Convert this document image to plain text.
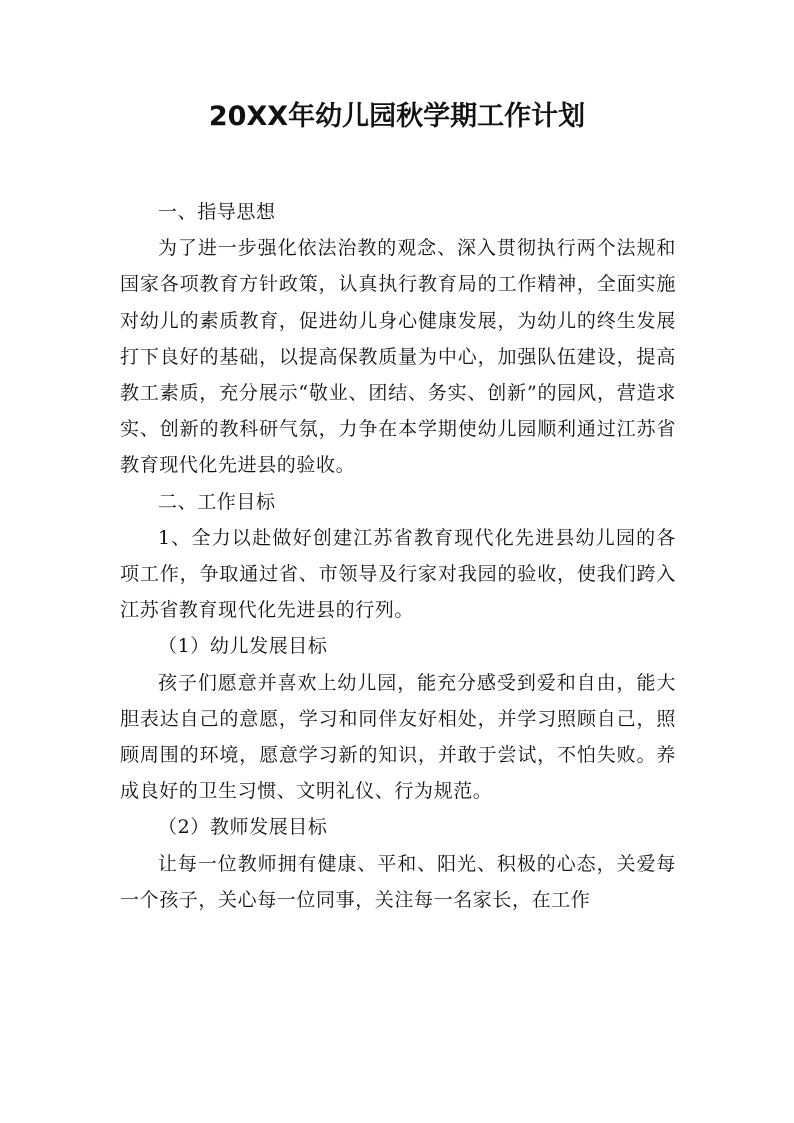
20XX年幼儿园秋学期工作计划

一、指导思想

为了进一步强化依法治教的观念、深入贯彻执行两个法规和国家各项教育方针政策，认真执行教育局的工作精神，全面实施对幼儿的素质教育，促进幼儿身心健康发展，为幼儿的终生发展打下良好的基础，以提高保教质量为中心，加强队伍建设，提高教工素质，充分展示“敬业、团结、务实、创新”的园风，营造求实、创新的教科研气氛，力争在本学期使幼儿园顺利通过江苏省教育现代化先进县的验收。

二、工作目标

1、全力以赴做好创建江苏省教育现代化先进县幼儿园的各项工作，争取通过省、市领导及行家对我园的验收，使我们跨入江苏省教育现代化先进县的行列。

（1）幼儿发展目标

孩子们愿意并喜欢上幼儿园，能充分感受到爱和自由，能大胆表达自己的意愿，学习和同伴友好相处，并学习照顾自己，照顾周围的环境，愿意学习新的知识，并敢于尝试，不怕失败。养成良好的卫生习惯、文明礼仪、行为规范。

（2）教师发展目标

让每一位教师拥有健康、平和、阳光、积极的心态，关爱每一个孩子，关心每一位同事，关注每一名家长，在工作
